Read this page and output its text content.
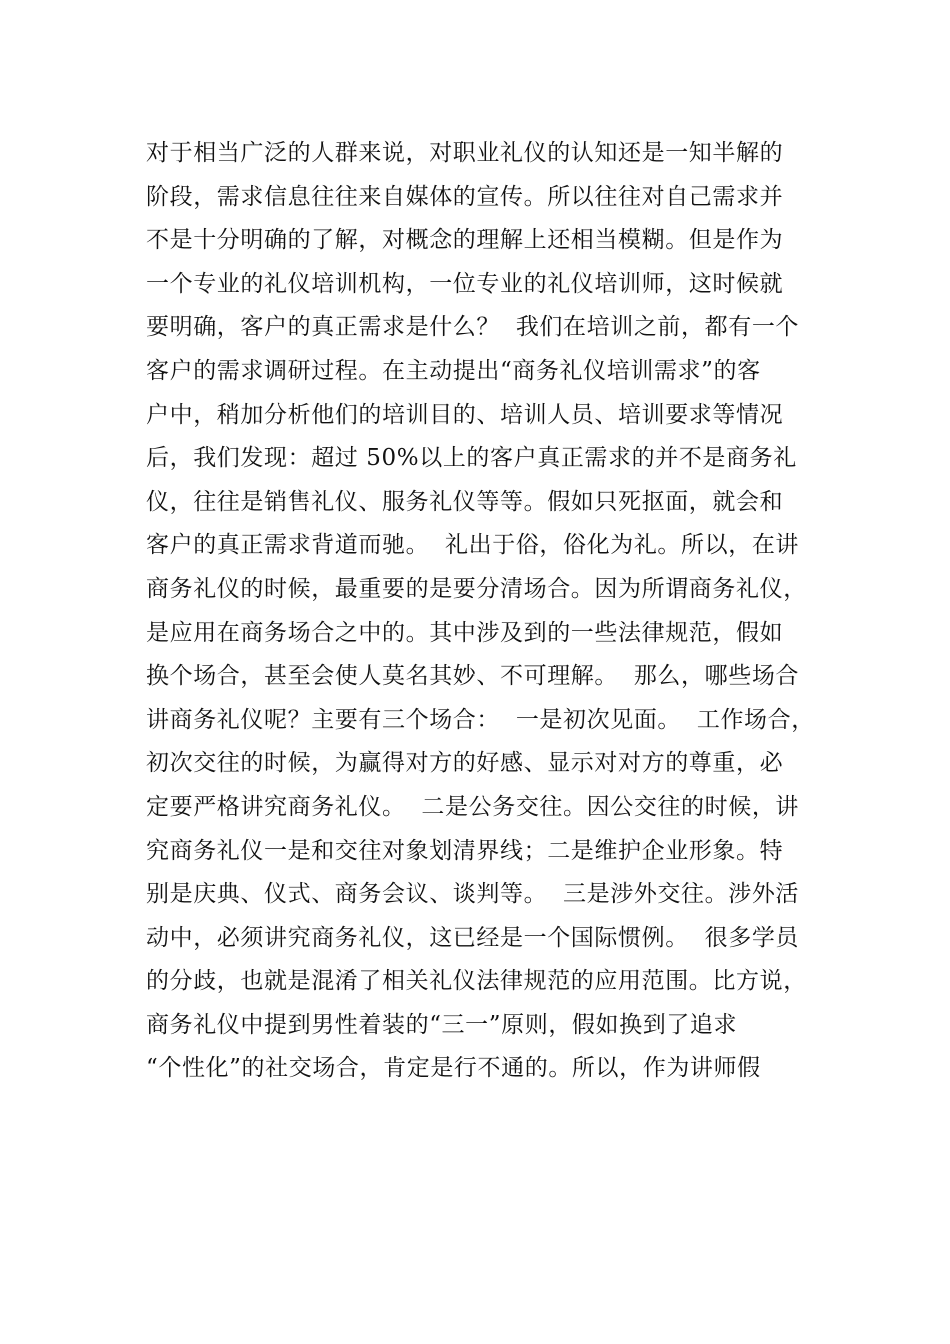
对于相当广泛的人群来说，对职业礼仪的认知还是一知半解的
阶段，需求信息往往来自媒体的宣传。所以往往对自己需求并
不是十分明确的了解，对概念的理解上还相当模糊。但是作为
一个专业的礼仪培训机构，一位专业的礼仪培训师，这时候就
要明确，客户的真正需求是什么？  我们在培训之前，都有一个
客户的需求调研过程。在主动提出“商务礼仪培训需求”的客
户中，稍加分析他们的培训目的、培训人员、培训要求等情况
后，我们发现：超过 50%以上的客户真正需求的并不是商务礼
仪，往往是销售礼仪、服务礼仪等等。假如只死抠面，就会和
客户的真正需求背道而驰。  礼出于俗，俗化为礼。所以，在讲
商务礼仪的时候，最重要的是要分清场合。因为所谓商务礼仪，
是应用在商务场合之中的。其中涉及到的一些法律规范，假如
换个场合，甚至会使人莫名其妙、不可理解。  那么，哪些场合
讲商务礼仪呢？主要有三个场合：  一是初次见面。  工作场合，
初次交往的时候，为赢得对方的好感、显示对对方的尊重，必
定要严格讲究商务礼仪。  二是公务交往。因公交往的时候，讲
究商务礼仪一是和交往对象划清界线；二是维护企业形象。特
别是庆典、仪式、商务会议、谈判等。  三是涉外交往。涉外活
动中，必须讲究商务礼仪，这已经是一个国际惯例。  很多学员
的分歧，也就是混淆了相关礼仪法律规范的应用范围。比方说，
商务礼仪中提到男性着装的“三一”原则，假如换到了追求
“个性化”的社交场合，肯定是行不通的。所以，作为讲师假
